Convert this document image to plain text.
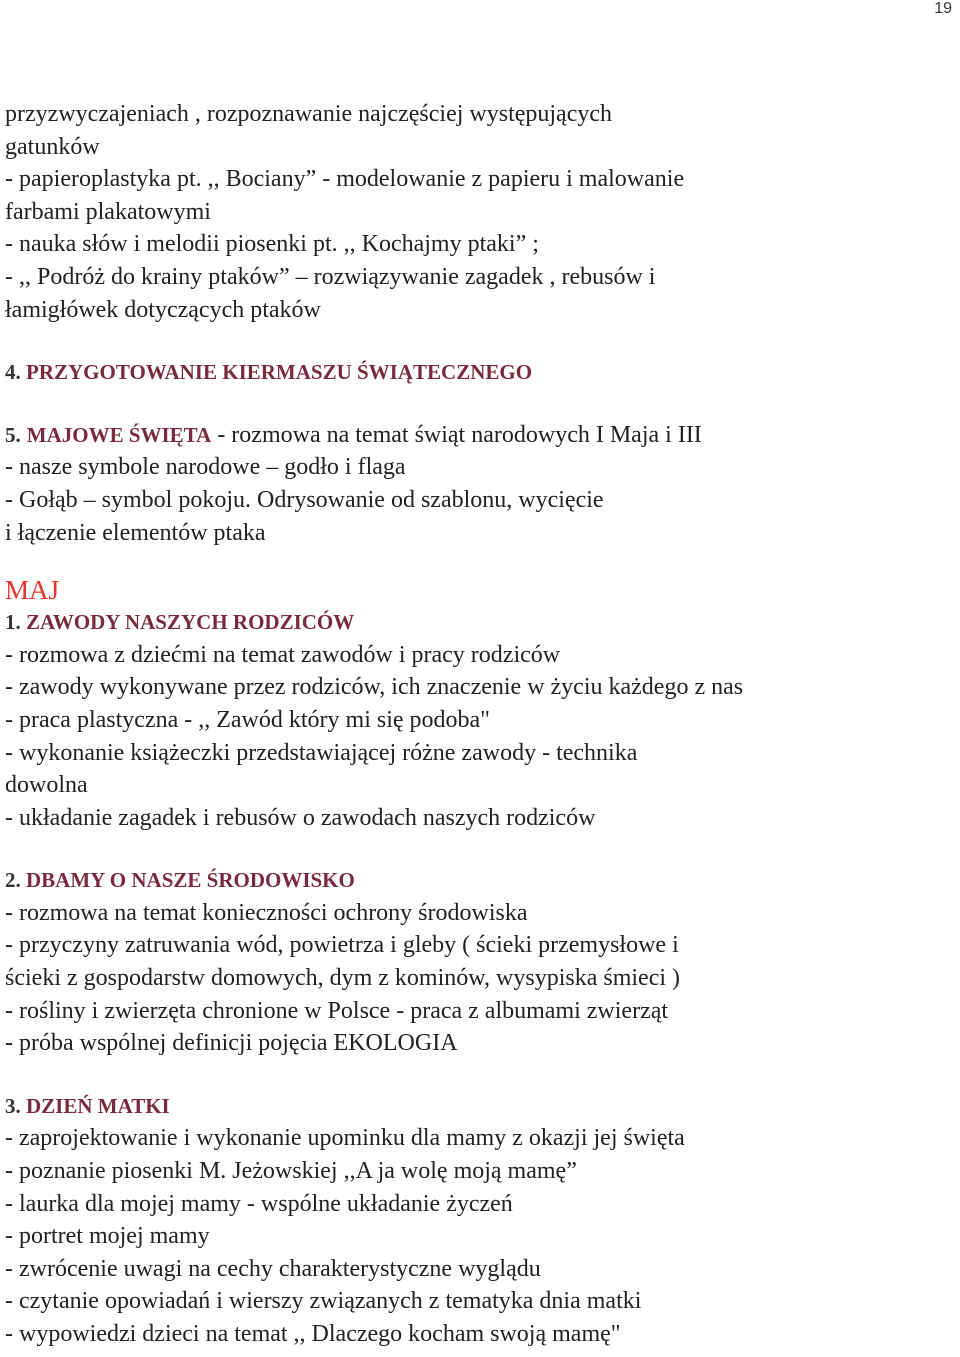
19
przyzwyczajeniach , rozpoznawanie najczęściej występujących
gatunków
- papieroplastyka pt. ,, Bociany” - modelowanie z papieru i malowanie
farbami plakatowymi
- nauka słów i melodii piosenki pt. ,, Kochajmy ptaki” ;
- ,, Podróż do krainy ptaków” – rozwiązywanie zagadek , rebusów i
łamigłówek dotyczących ptaków
4. PRZYGOTOWANIE KIERMASZU ŚWIĄTECZNEGO
5. MAJOWE ŚWIĘTA - rozmowa na temat świąt narodowych I Maja i III
- nasze symbole narodowe – godło i flaga
- Gołąb – symbol pokoju. Odrysowanie od szablonu, wycięcie
i łączenie elementów ptaka
MAJ
1. ZAWODY NASZYCH RODZICÓW
- rozmowa z dziećmi na temat zawodów i pracy rodziców
- zawody wykonywane przez rodziców, ich znaczenie w życiu każdego z nas
- praca plastyczna - ,, Zawód który mi się podoba"
- wykonanie książeczki przedstawiającej różne zawody - technika
dowolna
- układanie zagadek i rebusów o zawodach naszych rodziców
2. DBAMY O NASZE ŚRODOWISKO
- rozmowa na temat konieczności ochrony środowiska
- przyczyny zatruwania wód, powietrza i gleby ( ścieki przemysłowe i
ścieki z gospodarstw domowych, dym z kominów, wysypiska śmieci )
- rośliny i zwierzęta chronione w Polsce - praca z albumami zwierząt
- próba wspólnej definicji pojęcia EKOLOGIA
3. DZIEŃ MATKI
- zaprojektowanie i wykonanie upominku dla mamy z okazji jej święta
- poznanie piosenki M. Jeżowskiej ,,A ja wolę moją mamę”
- laurka dla mojej mamy - wspólne układanie życzeń
- portret mojej mamy
- zwrócenie uwagi na cechy charakterystyczne wyglądu
- czytanie opowiadań i wierszy związanych z tematyka dnia matki
- wypowiedzi dzieci na temat ,, Dlaczego kocham swoją mamę"
